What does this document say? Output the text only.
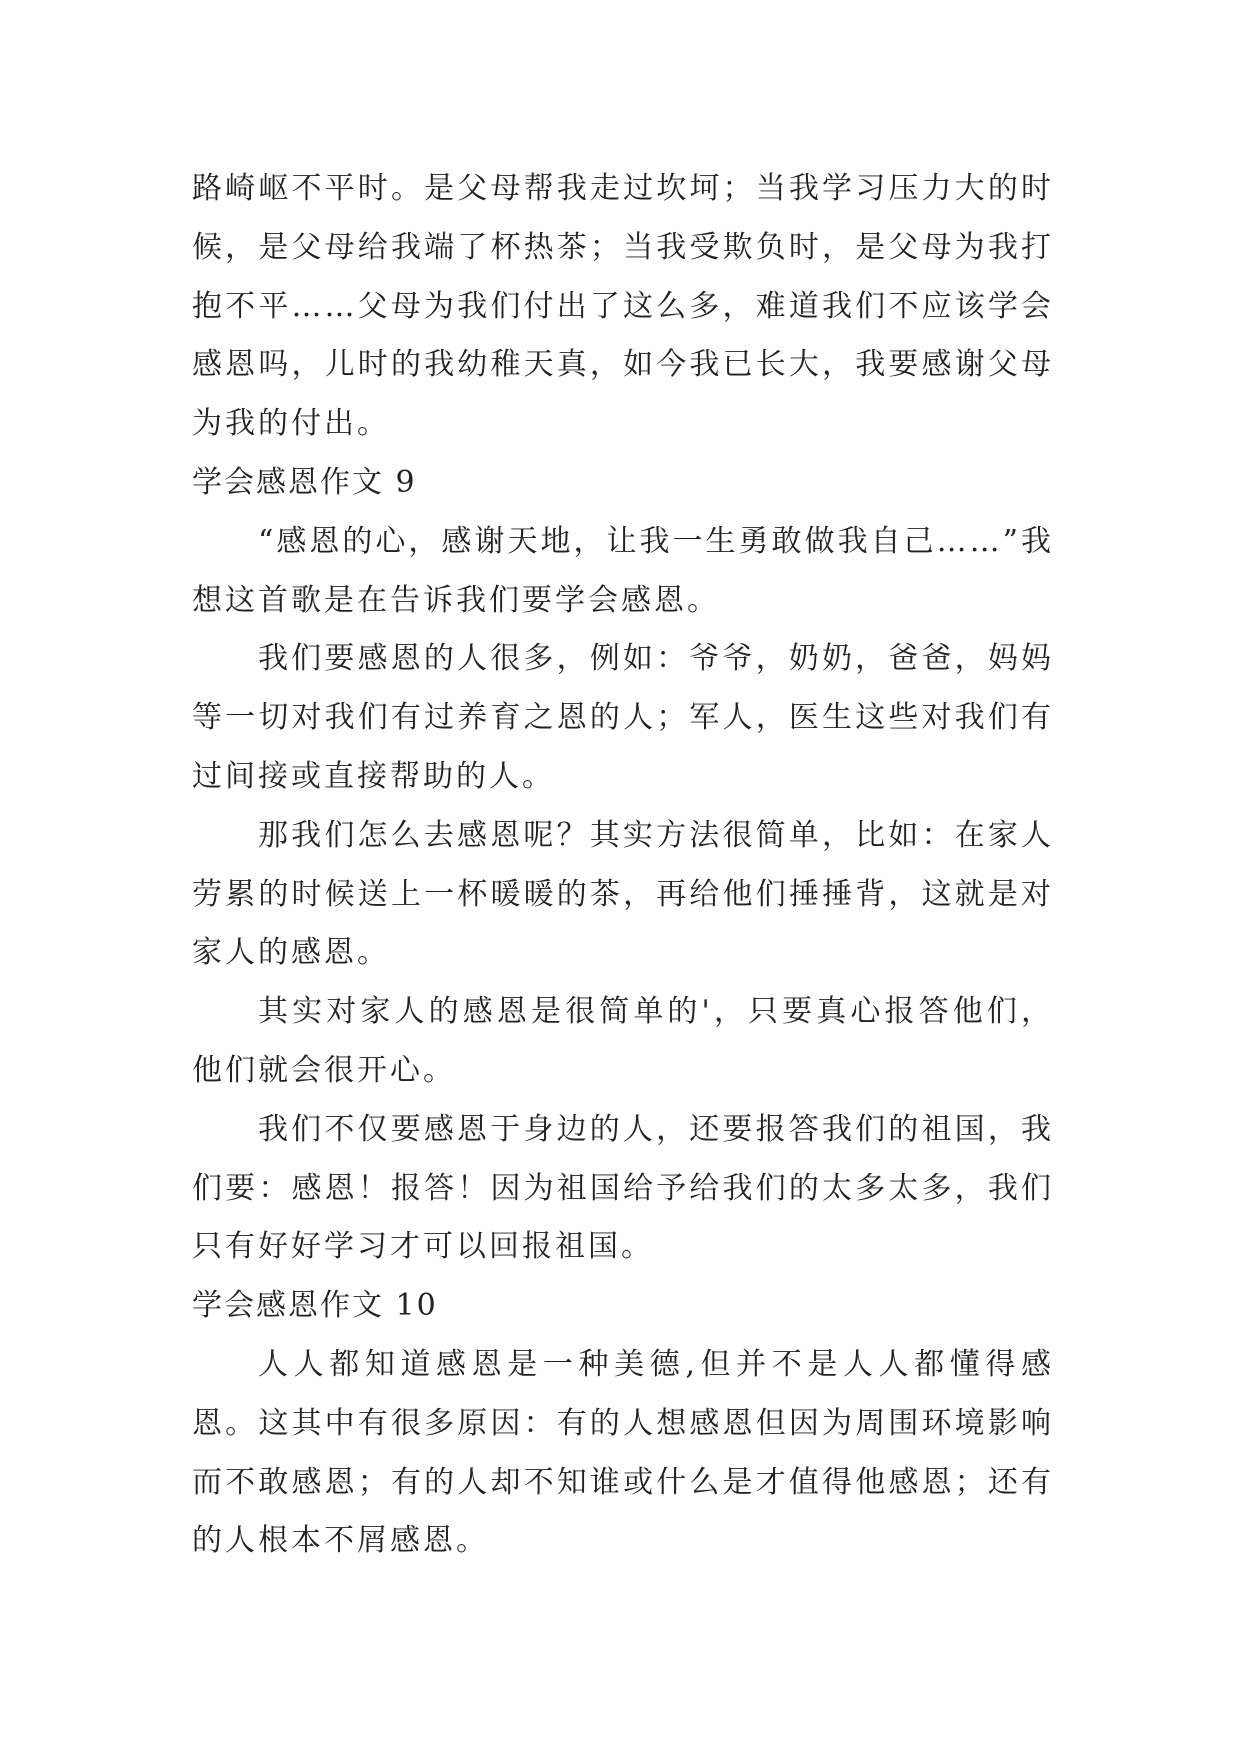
路崎岖不平时。是父母帮我走过坎坷；当我学习压力大的时候，是父母给我端了杯热茶；当我受欺负时，是父母为我打抱不平……父母为我们付出了这么多，难道我们不应该学会感恩吗，儿时的我幼稚天真，如今我已长大，我要感谢父母为我的付出。

学会感恩作文 9

“感恩的心，感谢天地，让我一生勇敢做我自己……”我想这首歌是在告诉我们要学会感恩。

我们要感恩的人很多，例如：爷爷，奶奶，爸爸，妈妈等一切对我们有过养育之恩的人；军人，医生这些对我们有过间接或直接帮助的人。

那我们怎么去感恩呢？其实方法很简单，比如：在家人劳累的时候送上一杯暖暖的茶，再给他们捶捶背，这就是对家人的感恩。

其实对家人的感恩是很简单的'，只要真心报答他们，他们就会很开心。

我们不仅要感恩于身边的人，还要报答我们的祖国，我们要：感恩！报答！因为祖国给予给我们的太多太多，我们只有好好学习才可以回报祖国。

学会感恩作文 10

人人都知道感恩是一种美德,但并不是人人都懂得感恩。这其中有很多原因：有的人想感恩但因为周围环境影响而不敢感恩；有的人却不知谁或什么是才值得他感恩；还有的人根本不屑感恩。
